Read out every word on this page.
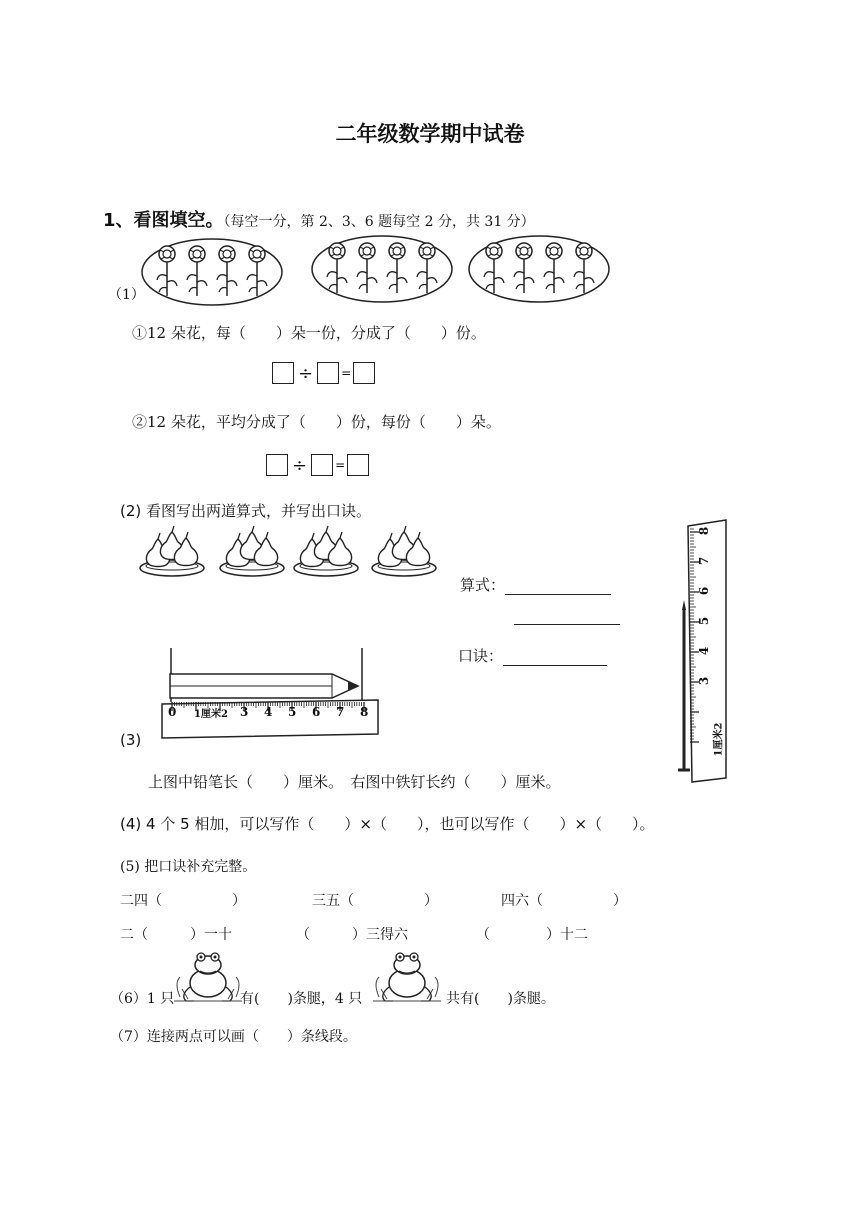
二年级数学期中试卷
1、看图填空。（每空一分，第 2、3、6 题每空 2 分，共 31 分）
（1）
①12 朵花，每（　　）朵一份，分成了（　　）份。
÷ =
②12 朵花，平均分成了（　　）份，每份（　　）朵。
÷ =
(2) 看图写出两道算式，并写出口诀。
算式：
口诀：
0 1厘米2 3 4 5 6 7 8
(3)	1厘米2
3
4
5
6
7
8
上图中铅笔长（　　）厘米。　右图中铁钉长约（　　）厘米。
(4) 4 个 5 相加，可以写作（　　）×（　　），也可以写作（　　）×（　　）。
(5) 把口诀补充完整。
二四（　　　　　）	三五（　　　　　）	四六（　　　　　）
二（　　　）一十	（　　　）三得六	（　　　　）十二
（6）1 只	有(　　)条腿，4 只	共有(　　)条腿。
（7）连接两点可以画（　　）条线段。
